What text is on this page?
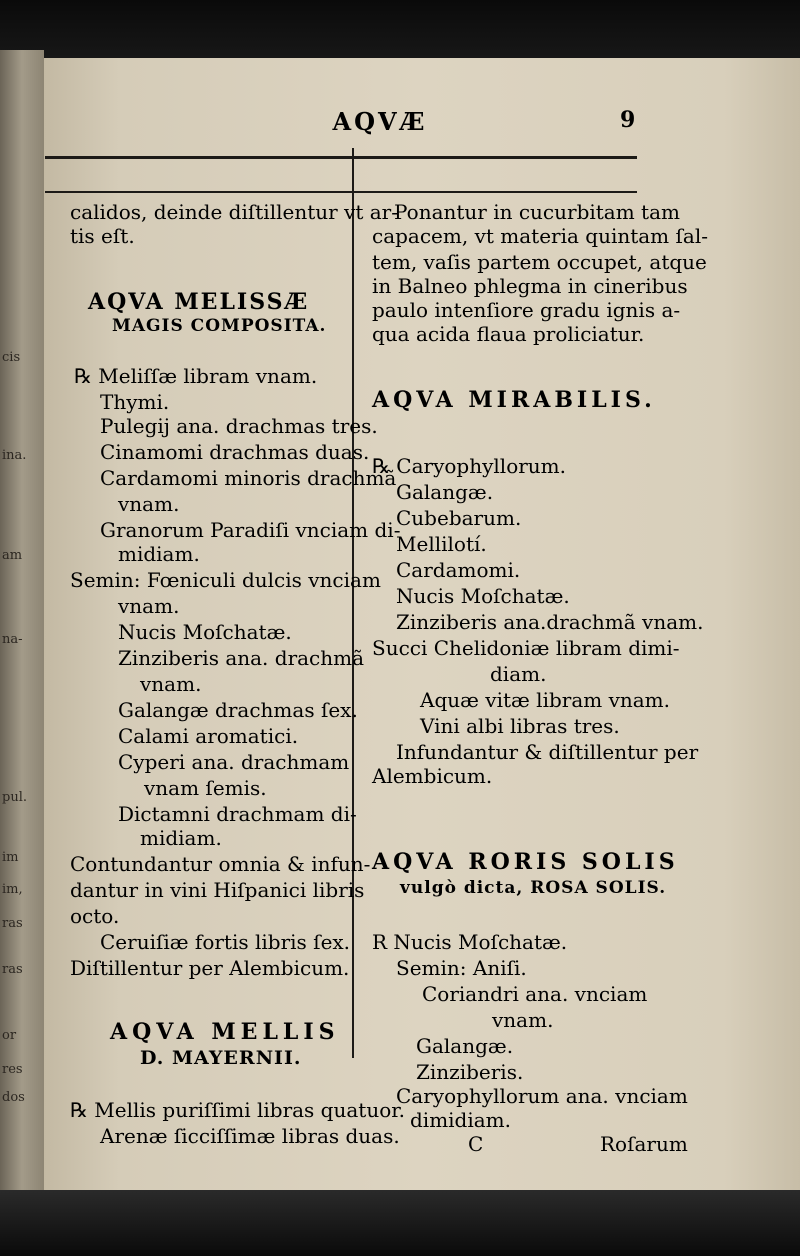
cis
ina.
am
na-
pul.
im
im,
ras
ras
or
res
dos
AQVÆ	9
calidos, deinde diſtillentur vt ar-
tis eſt.
AQVA MELISSÆ
MAGIS COMPOSITA.
℞ Meliſſæ libram vnam.
Thymi.
Pulegij ana. drachmas tres.
Cinamomi drachmas duas.
Cardamomi minoris drachmã
vnam.
Granorum Paradiſi vnciam di-
midiam.
Semin: Fœniculi dulcis vnciam
vnam.
Nucis Moſchatæ.
Zinziberis ana. drachmã
vnam.
Galangæ drachmas ſex.
Calami aromatici.
Cyperi ana. drachmam
vnam ſemis.
Dictamni drachmam di-
midiam.
Contundantur omnia & infun-
dantur in vini Hiſpanici libris
octo.
Ceruiſiæ fortis libris ſex.
Diſtillentur per Alembicum.
AQVA MELLIS
D. MAYERNII.
℞ Mellis puriſſimi libras quatuor.
Arenæ ſicciſſimæ libras duas.
Ponantur in cucurbitam tam
capacem, vt materia quintam ſal-
tem, vaſis partem occupet, atque
in Balneo phlegma in cineribus
paulo intenſiore gradu ignis a-
qua acida flaua proliciatur.
AQVA MIRABILIS.
℞ Caryophyllorum.
Galangæ.
Cubebarum.
Mellilotí.
Cardamomi.
Nucis Moſchatæ.
Zinziberis ana.drachmã vnam.
Succi Chelidoniæ libram dimi-
diam.
Aquæ vitæ libram vnam.
Vini albi libras tres.
Infundantur & diſtillentur per
Alembicum.
AQVA RORIS SOLIS
vulgò dicta, ROSA SOLIS.
R Nucis Moſchatæ.
Semin: Aniſi.
Coriandri ana. vnciam
vnam.
Galangæ.
Zinziberis.
Caryophyllorum ana. vnciam
dimidiam.
C	Roſarum
